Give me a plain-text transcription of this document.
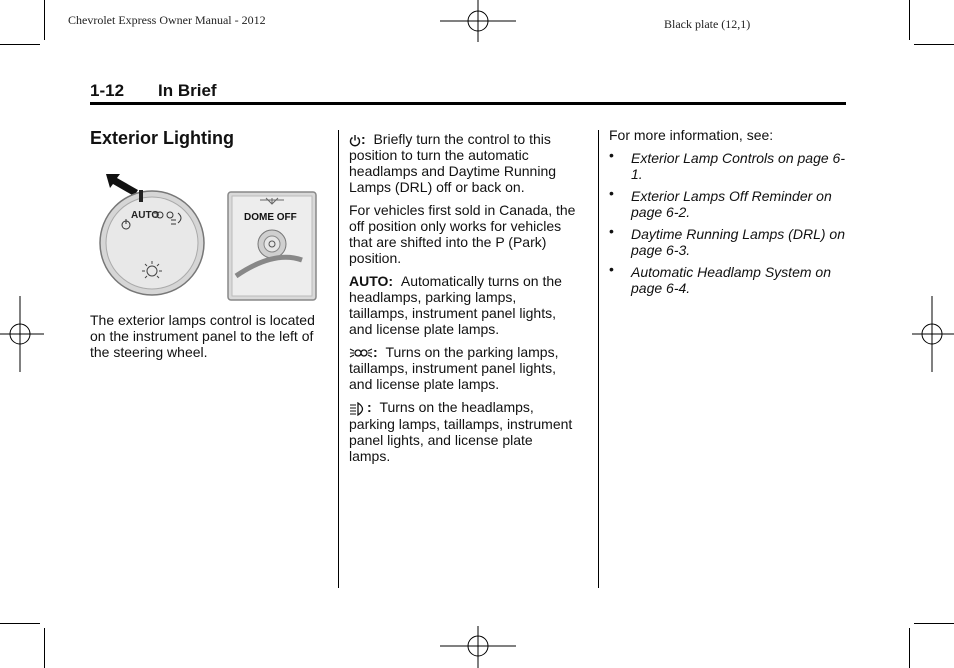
Chevrolet Express Owner Manual - 2012	Black plate (12,1)
1-12 In Brief
Exterior Lighting
AUTO	DOME OFF

The exterior lamps control is located on the instrument panel to the left of the steering wheel.

: Briefly turn the control to this position to turn the automatic headlamps and Daytime Running Lamps (DRL) off or back on.

For vehicles first sold in Canada, the off position only works for vehicles that are shifted into the P (Park) position.

AUTO: Automatically turns on the headlamps, parking lamps, taillamps, instrument panel lights, and license plate lamps.

: Turns on the parking lamps, taillamps, instrument panel lights, and license plate lamps.

: Turns on the headlamps, parking lamps, taillamps, instrument panel lights, and license plate lamps.

For more information, see:

• Exterior Lamp Controls on page 6-1.
• Exterior Lamps Off Reminder on page 6-2.
• Daytime Running Lamps (DRL) on page 6-3.
• Automatic Headlamp System on page 6-4.
